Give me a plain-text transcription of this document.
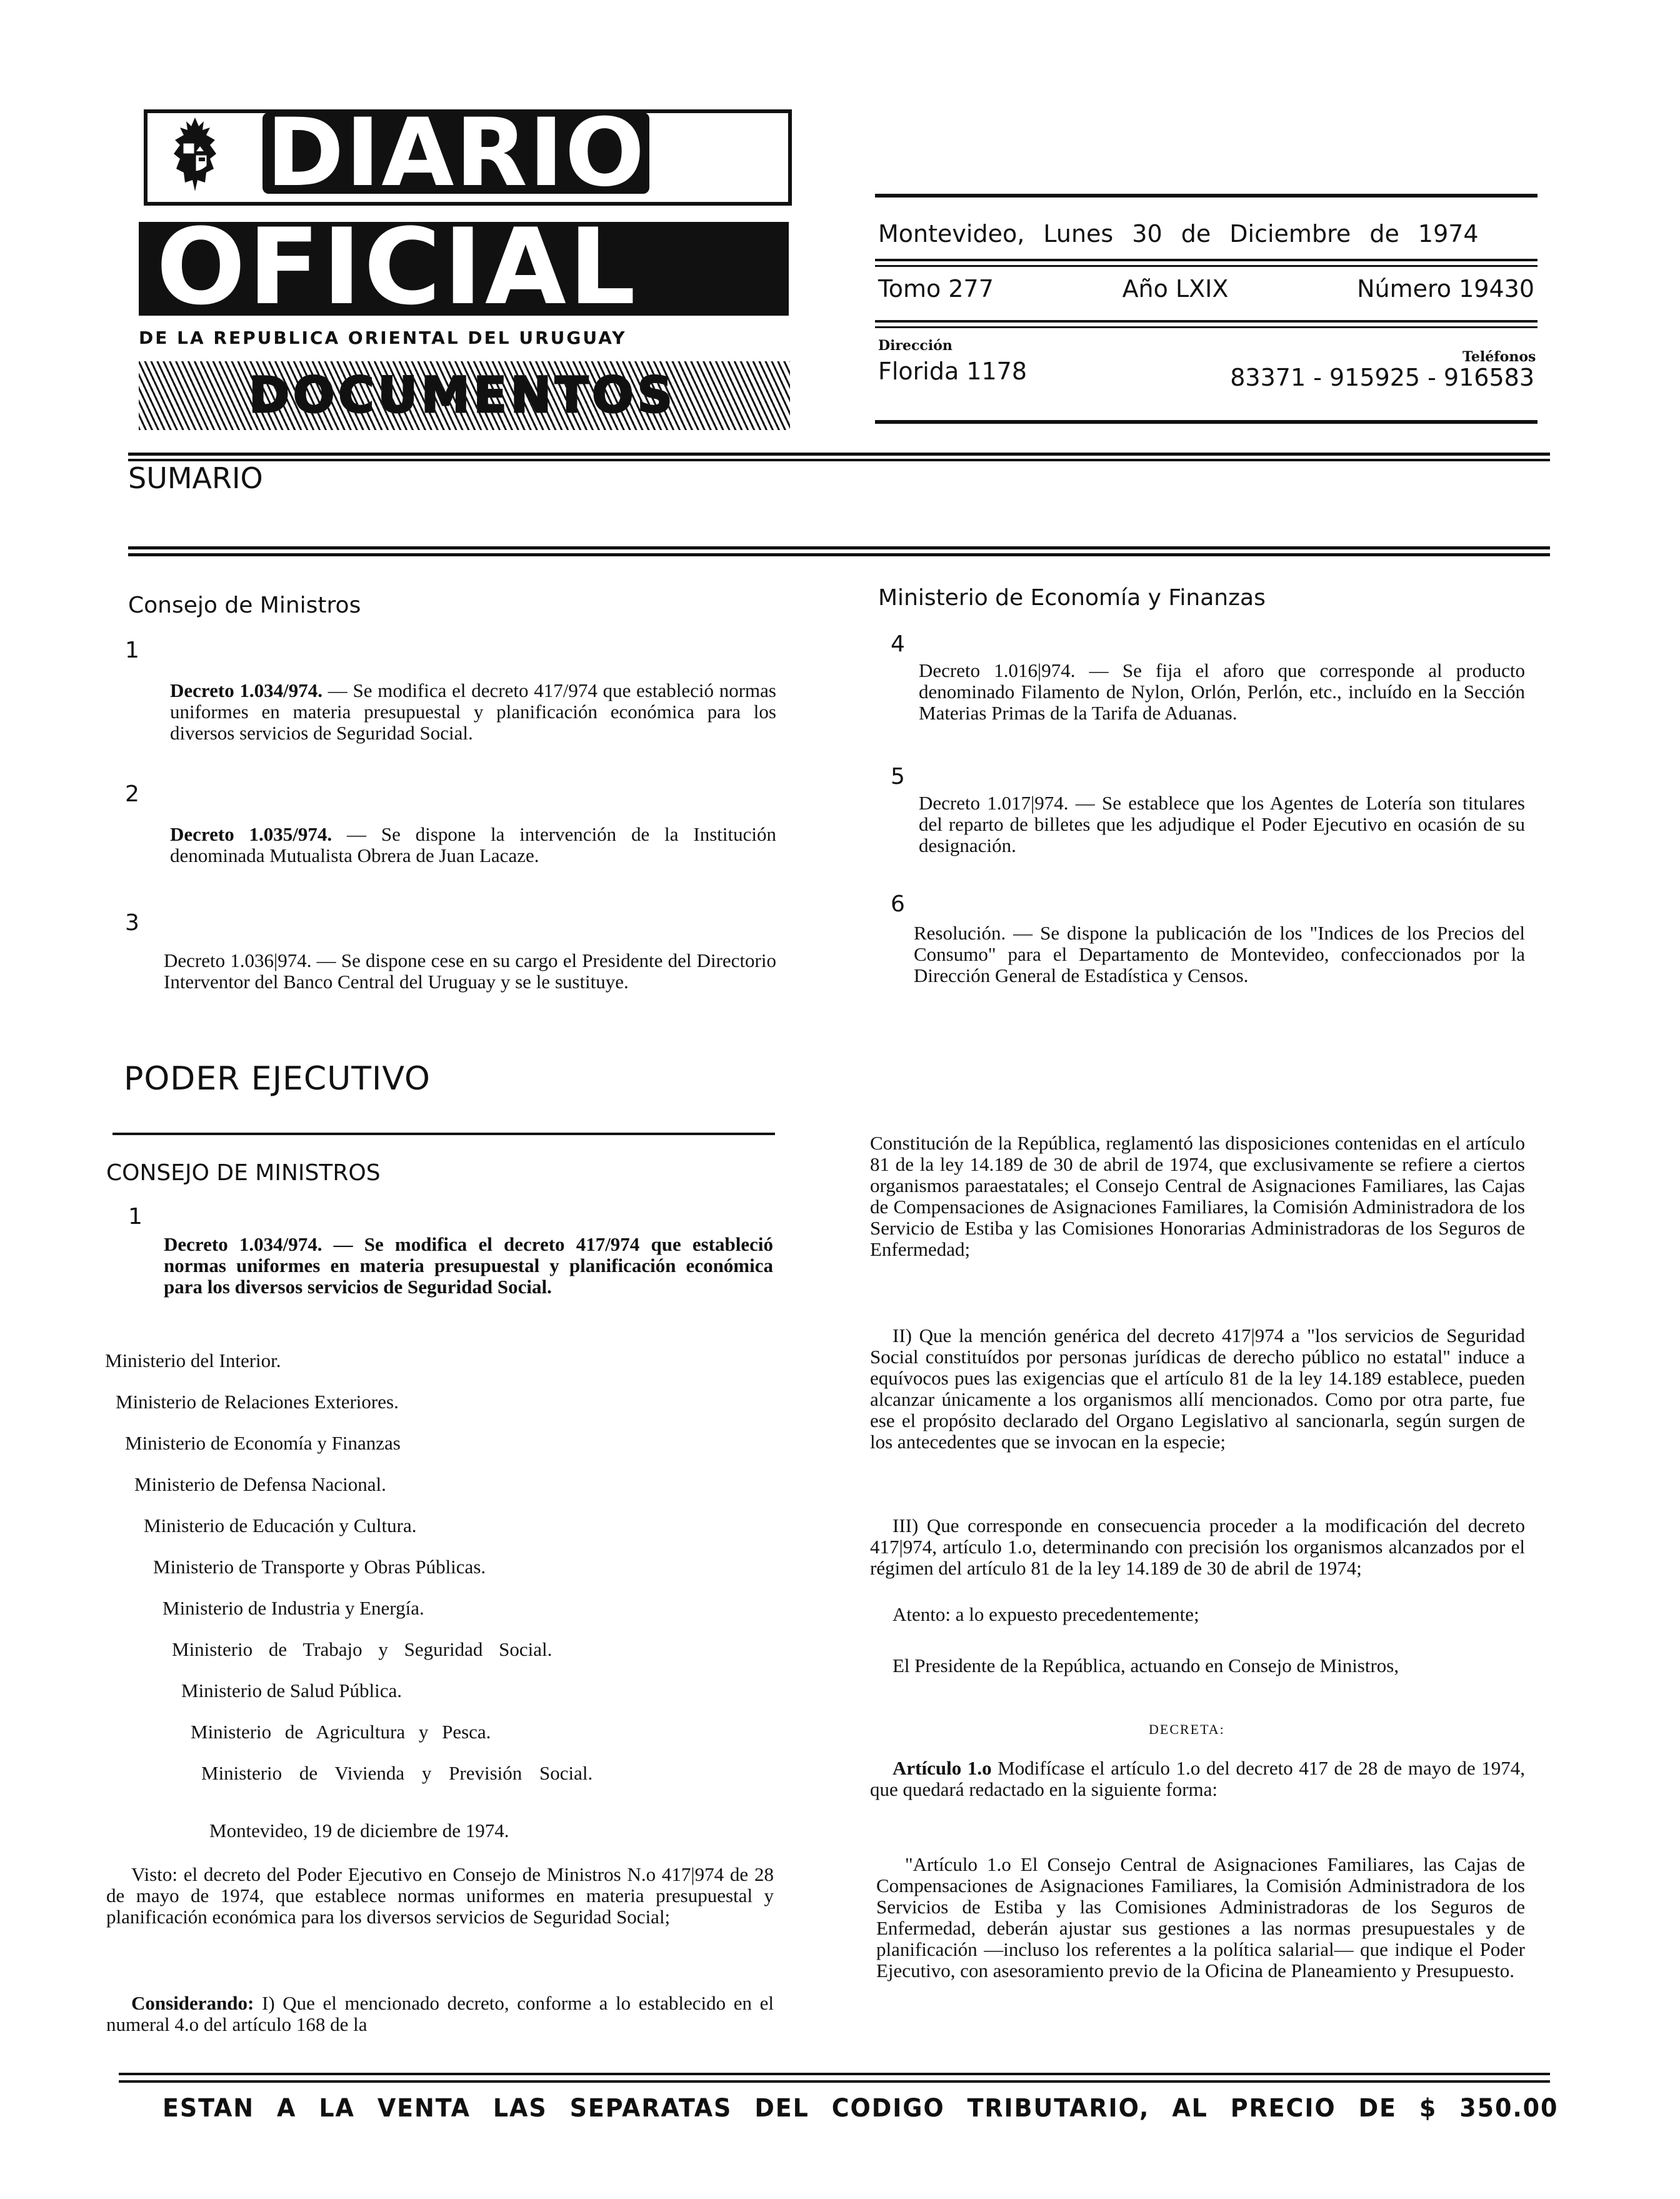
DIARIO
OFICIAL
DE LA REPUBLICA ORIENTAL DEL URUGUAY
DOCUMENTOS
Montevideo, Lunes 30 de Diciembre de 1974
Tomo 277	Año LXIX	Número 19430
Dirección
Teléfonos
Florida 1178	83371 - 915925 - 916583
SUMARIO
Consejo de Ministros
1
Decreto 1.034/974. — Se modifica el decreto 417/974 que estableció normas uniformes en materia presupuestal y planificación económica para los diversos servicios de Seguridad Social.
2
Decreto 1.035/974. — Se dispone la intervención de la Institución denominada Mutualista Obrera de Juan Lacaze.
3
Decreto 1.036|974. — Se dispone cese en su cargo el Presidente del Directorio Interventor del Banco Central del Uruguay y se le sustituye.
Ministerio de Economía y Finanzas
4
Decreto 1.016|974. — Se fija el aforo que corresponde al producto denominado Filamento de Nylon, Orlón, Perlón, etc., incluído en la Sección Materias Primas de la Tarifa de Aduanas.
5
Decreto 1.017|974. — Se establece que los Agentes de Lotería son titulares del reparto de billetes que les adjudique el Poder Ejecutivo en ocasión de su designación.
6
Resolución. — Se dispone la publicación de los "Indices de los Precios del Consumo" para el Departamento de Montevideo, confeccionados por la Dirección General de Estadística y Censos.
PODER EJECUTIVO
CONSEJO DE MINISTROS
1
Decreto 1.034/974. — Se modifica el decreto 417/974 que estableció normas uniformes en materia presupuestal y planificación económica para los diversos servicios de Seguridad Social.
Ministerio del Interior.
Ministerio de Relaciones Exteriores.
Ministerio de Economía y Finanzas
Ministerio de Defensa Nacional.
Ministerio de Educación y Cultura.
Ministerio de Transporte y Obras Públicas.
Ministerio de Industria y Energía.
Ministerio de Trabajo y Seguridad Social.
Ministerio de Salud Pública.
Ministerio de Agricultura y Pesca.
Ministerio de Vivienda y Previsión Social.
Montevideo, 19 de diciembre de 1974.
Visto: el decreto del Poder Ejecutivo en Consejo de Ministros N.o 417|974 de 28 de mayo de 1974, que establece normas uniformes en materia presupuestal y planificación económica para los diversos servicios de Seguridad Social;
Considerando: I) Que el mencionado decreto, conforme a lo establecido en el numeral 4.o del artículo 168 de la
Constitución de la República, reglamentó las disposiciones contenidas en el artículo 81 de la ley 14.189 de 30 de abril de 1974, que exclusivamente se refiere a ciertos organismos paraestatales; el Consejo Central de Asignaciones Familiares, las Cajas de Compensaciones de Asignaciones Familiares, la Comisión Administradora de los Servicio de Estiba y las Comisiones Honorarias Administradoras de los Seguros de Enfermedad;
II) Que la mención genérica del decreto 417|974 a "los servicios de Seguridad Social constituídos por personas jurídicas de derecho público no estatal" induce a equívocos pues las exigencias que el artículo 81 de la ley 14.189 establece, pueden alcanzar únicamente a los organismos allí mencionados. Como por otra parte, fue ese el propósito declarado del Organo Legislativo al sancionarla, según surgen de los antecedentes que se invocan en la especie;
III) Que corresponde en consecuencia proceder a la modificación del decreto 417|974, artículo 1.o, determinando con precisión los organismos alcanzados por el régimen del artículo 81 de la ley 14.189 de 30 de abril de 1974;
Atento: a lo expuesto precedentemente;
El Presidente de la República, actuando en Consejo de Ministros,
DECRETA:
Artículo 1.o Modifícase el artículo 1.o del decreto 417 de 28 de mayo de 1974, que quedará redactado en la siguiente forma:
"Artículo 1.o El Consejo Central de Asignaciones Familiares, las Cajas de Compensaciones de Asignaciones Familiares, la Comisión Administradora de los Servicios de Estiba y las Comisiones Administradoras de los Seguros de Enfermedad, deberán ajustar sus gestiones a las normas presupuestales y de planificación —incluso los referentes a la política salarial— que indique el Poder Ejecutivo, con asesoramiento previo de la Oficina de Planeamiento y Presupuesto.
ESTAN A LA VENTA LAS SEPARATAS DEL CODIGO TRIBUTARIO, AL PRECIO DE $ 350.00
